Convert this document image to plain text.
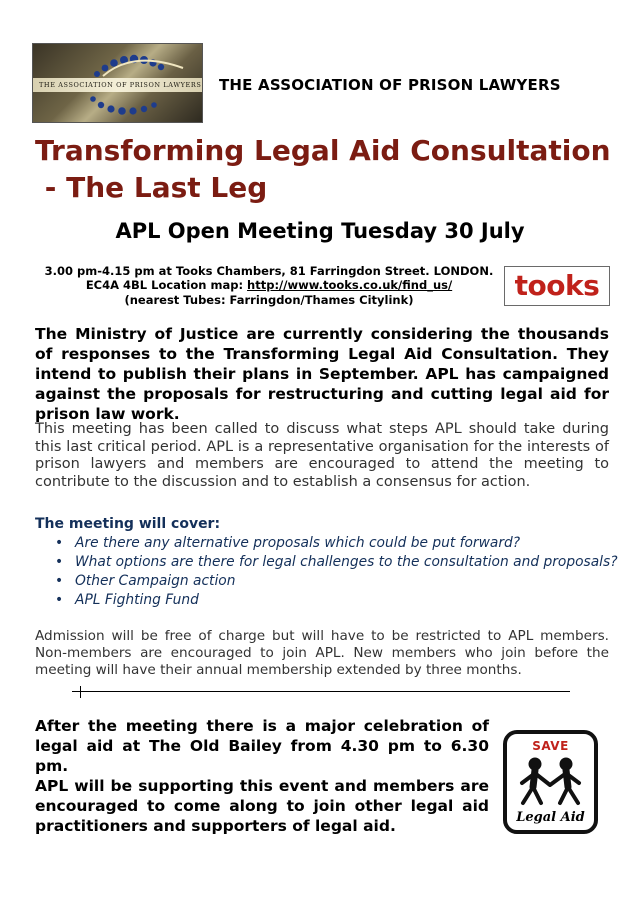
THE ASSOCIATION OF PRISON LAWYERS THE ASSOCIATION OF PRISON LAWYERS
Transforming Legal Aid Consultation
- The Last Leg
APL Open Meeting Tuesday 30 July
3.00 pm-4.15 pm at Tooks Chambers, 81 Farringdon Street. LONDON.
EC4A 4BL Location map: http://www.tooks.co.uk/find_us/
(nearest Tubes: Farringdon/Thames Citylink)	tooks
The Ministry of Justice are currently considering the thousands of responses to the Transforming Legal Aid Consultation. They intend to publish their plans in September. APL has campaigned against the proposals for restructuring and cutting legal aid for prison law work.
This meeting has been called to discuss what steps APL should take during this last critical period. APL is a representative organisation for the interests of prison lawyers and members are encouraged to attend the meeting to contribute to the discussion and to establish a consensus for action.
The meeting will cover:
• Are there any alternative proposals which could be put forward?
• What options are there for legal challenges to the consultation and proposals?
• Other Campaign action
• APL Fighting Fund
Admission will be free of charge but will have to be restricted to APL members. Non-members are encouraged to join APL. New members who join before the meeting will have their annual membership extended by three months.
After the meeting there is a major celebration of legal aid at The Old Bailey from 4.30 pm to 6.30 pm.
APL will be supporting this event and members are encouraged to come along to join other legal aid practitioners and supporters of legal aid.
SAVE
Legal Aid
